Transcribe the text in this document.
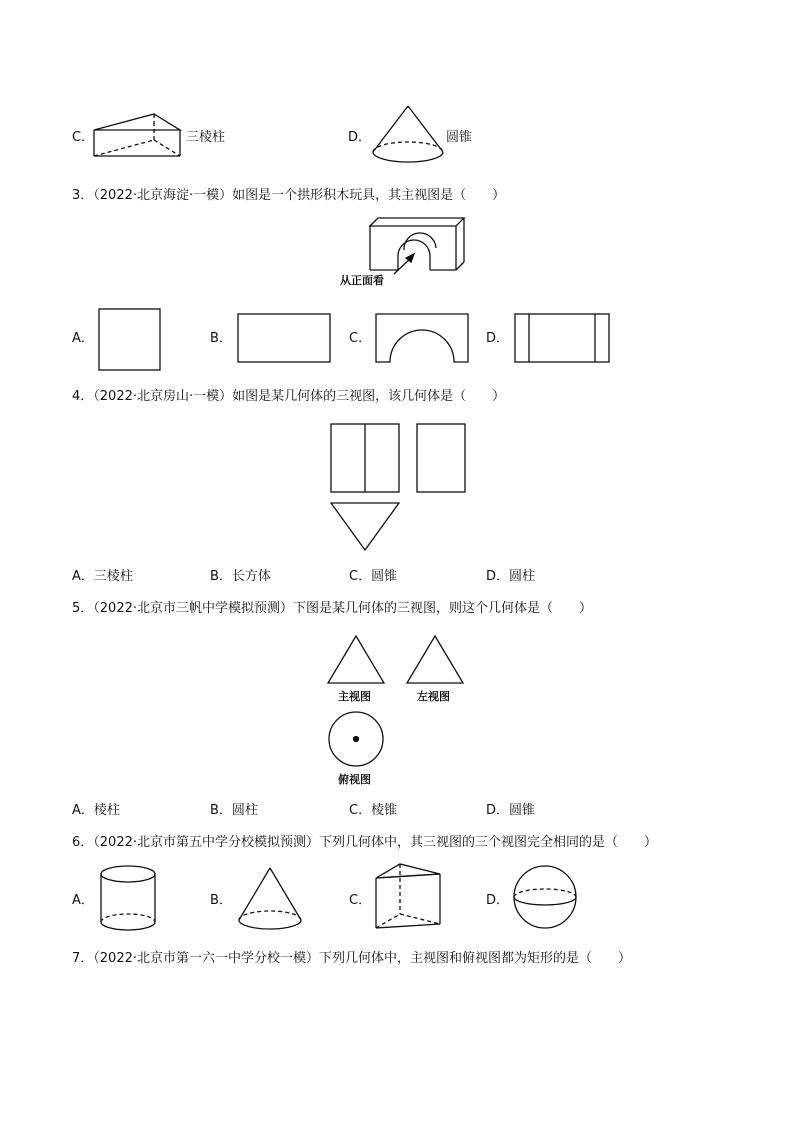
C．	三棱柱	D．	圆锥
3．（2022·北京海淀·一模）如图是一个拱形积木玩具，其主视图是（　　）
从正面看
A．	B．	C．	D．
4．（2022·北京房山·一模）如图是某几何体的三视图，该几何体是（　　）
A．三棱柱	B．长方体	C．圆锥	D．圆柱
5．（2022·北京市三帆中学模拟预测）下图是某几何体的三视图，则这个几何体是（　　）
主视图	左视图
俯视图
A．棱柱	B．圆柱	C．棱锥	D．圆锥
6．（2022·北京市第五中学分校模拟预测）下列几何体中，其三视图的三个视图完全相同的是（　　）
A．	B．	C．	D．
7．（2022·北京市第一六一中学分校一模）下列几何体中，主视图和俯视图都为矩形的是（　　）
